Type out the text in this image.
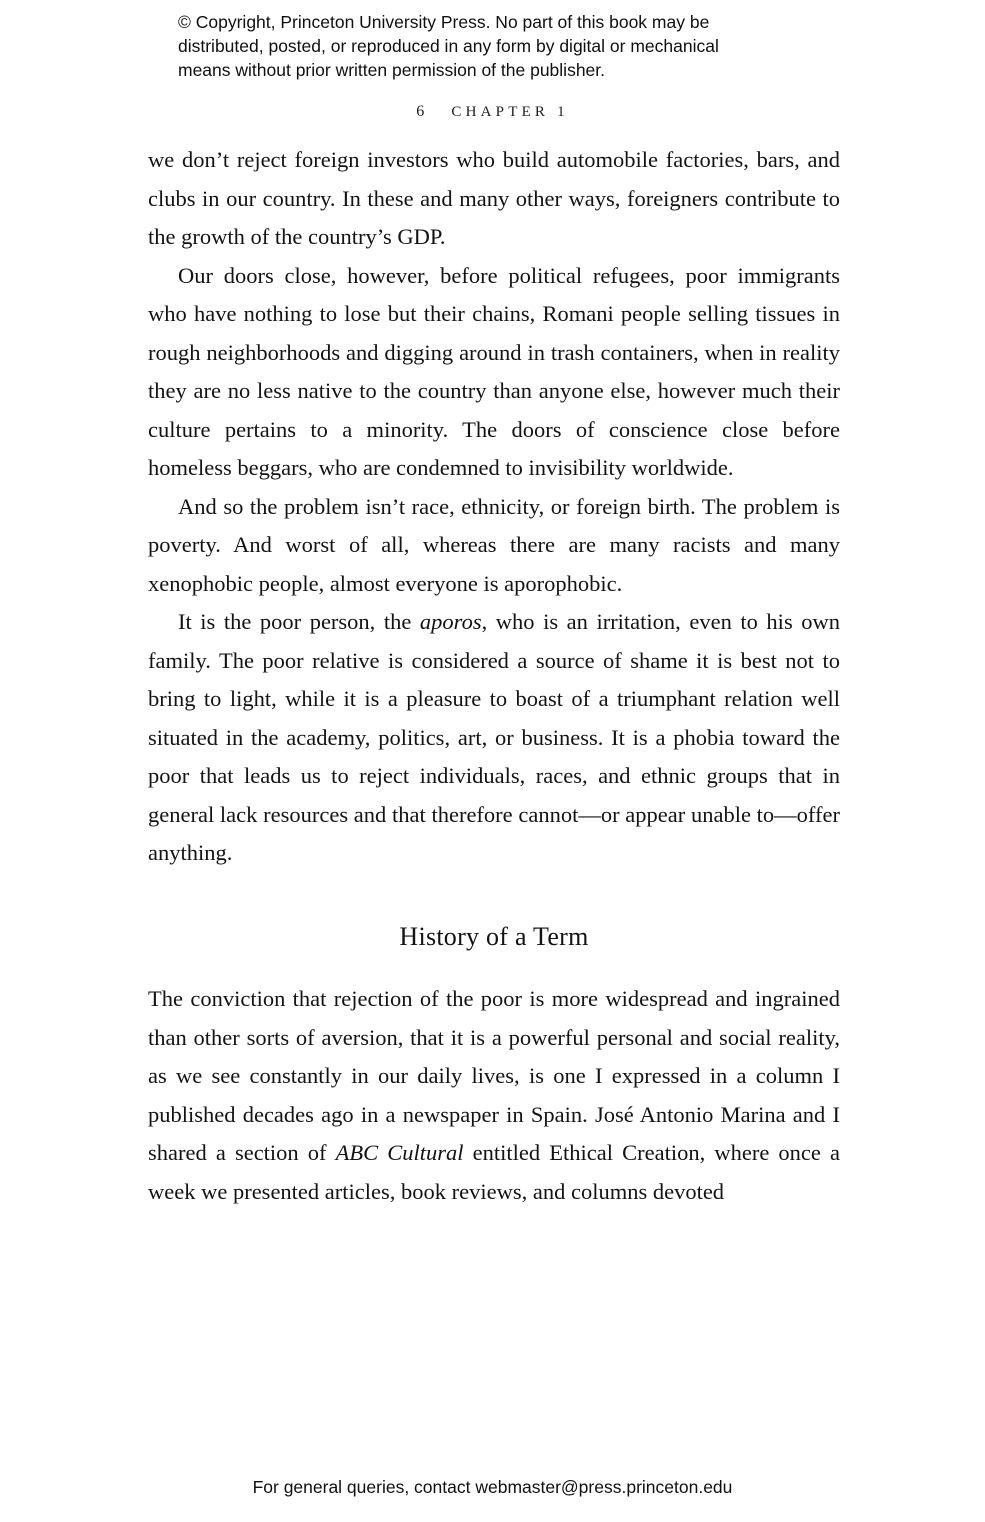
© Copyright, Princeton University Press. No part of this book may be
distributed, posted, or reproduced in any form by digital or mechanical
means without prior written permission of the publisher.
6 CHAPTER 1

we don’t reject foreign investors who build automobile factories, bars, and clubs in our country. In these and many other ways, foreigners contribute to the growth of the country’s GDP.

Our doors close, however, before political refugees, poor immigrants who have nothing to lose but their chains, Romani people selling tissues in rough neighborhoods and digging around in trash containers, when in reality they are no less native to the country than anyone else, however much their culture pertains to a minority. The doors of conscience close before homeless beggars, who are condemned to invisibility worldwide.

And so the problem isn’t race, ethnicity, or foreign birth. The problem is poverty. And worst of all, whereas there are many racists and many xenophobic people, almost everyone is aporophobic.

It is the poor person, the aporos, who is an irritation, even to his own family. The poor relative is considered a source of shame it is best not to bring to light, while it is a pleasure to boast of a triumphant relation well situated in the academy, politics, art, or business. It is a phobia toward the poor that leads us to reject individuals, races, and ethnic groups that in general lack resources and that therefore cannot—or appear unable to—offer anything.

History of a Term

The conviction that rejection of the poor is more widespread and ingrained than other sorts of aversion, that it is a powerful personal and social reality, as we see constantly in our daily lives, is one I expressed in a column I published decades ago in a newspaper in Spain. José Antonio Marina and I shared a section of ABC Cultural entitled Ethical Creation, where once a week we presented articles, book reviews, and columns devoted

For general queries, contact webmaster@press.princeton.edu
